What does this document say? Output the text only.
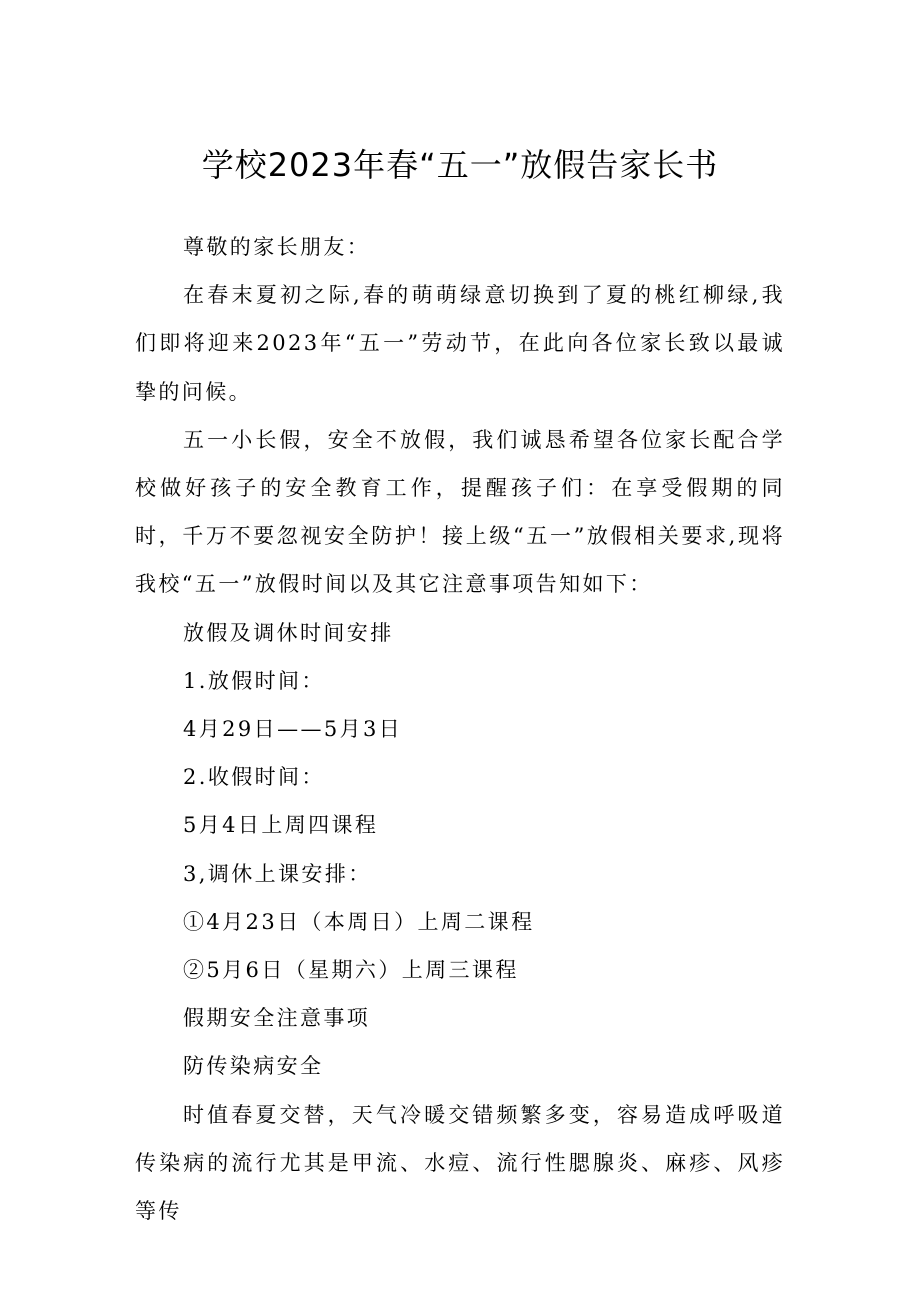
学校2023年春“五一”放假告家长书

尊敬的家长朋友：

在春末夏初之际,春的萌萌绿意切换到了夏的桃红柳绿,我们即将迎来2023年“五一”劳动节，在此向各位家长致以最诚挚的问候。

五一小长假，安全不放假，我们诚恳希望各位家长配合学校做好孩子的安全教育工作，提醒孩子们：在享受假期的同时，千万不要忽视安全防护！接上级“五一”放假相关要求,现将我校“五一”放假时间以及其它注意事项告知如下：

放假及调休时间安排

1.放假时间：

4月29日——5月3日

2.收假时间：

5月4日上周四课程

3,调休上课安排：

①4月23日（本周日）上周二课程

②5月6日（星期六）上周三课程

假期安全注意事项

防传染病安全

时值春夏交替，天气冷暖交错频繁多变，容易造成呼吸道传染病的流行尤其是甲流、水痘、流行性腮腺炎、麻疹、风疹等传
